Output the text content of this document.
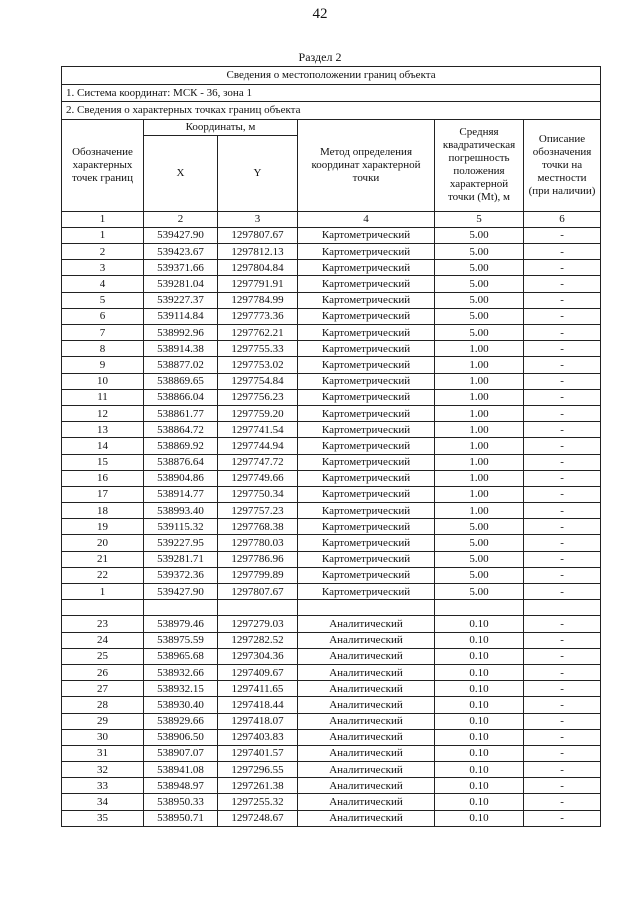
42
Раздел 2
Сведения о местоположении границ объекта					
1. Система координат: МСК - 36, зона 1					
2. Сведения о характерных точках границ объекта					
Обозначение характерных точек границ	Координаты, м		Метод определения координат характерной точки	Средняя квадратическая погрешность положения характерной точки (Mt), м	Описание обозначения точки на местности (при наличии)
	X	Y			
1	2	3	4	5	6
1	539427.90	1297807.67	Картометрический	5.00	-
2	539423.67	1297812.13	Картометрический	5.00	-
3	539371.66	1297804.84	Картометрический	5.00	-
4	539281.04	1297791.91	Картометрический	5.00	-
5	539227.37	1297784.99	Картометрический	5.00	-
6	539114.84	1297773.36	Картометрический	5.00	-
7	538992.96	1297762.21	Картометрический	5.00	-
8	538914.38	1297755.33	Картометрический	1.00	-
9	538877.02	1297753.02	Картометрический	1.00	-
10	538869.65	1297754.84	Картометрический	1.00	-
11	538866.04	1297756.23	Картометрический	1.00	-
12	538861.77	1297759.20	Картометрический	1.00	-
13	538864.72	1297741.54	Картометрический	1.00	-
14	538869.92	1297744.94	Картометрический	1.00	-
15	538876.64	1297747.72	Картометрический	1.00	-
16	538904.86	1297749.66	Картометрический	1.00	-
17	538914.77	1297750.34	Картометрический	1.00	-
18	538993.40	1297757.23	Картометрический	1.00	-
19	539115.32	1297768.38	Картометрический	5.00	-
20	539227.95	1297780.03	Картометрический	5.00	-
21	539281.71	1297786.96	Картометрический	5.00	-
22	539372.36	1297799.89	Картометрический	5.00	-
1	539427.90	1297807.67	Картометрический	5.00	-

23	538979.46	1297279.03	Аналитический	0.10	-
24	538975.59	1297282.52	Аналитический	0.10	-
25	538965.68	1297304.36	Аналитический	0.10	-
26	538932.66	1297409.67	Аналитический	0.10	-
27	538932.15	1297411.65	Аналитический	0.10	-
28	538930.40	1297418.44	Аналитический	0.10	-
29	538929.66	1297418.07	Аналитический	0.10	-
30	538906.50	1297403.83	Аналитический	0.10	-
31	538907.07	1297401.57	Аналитический	0.10	-
32	538941.08	1297296.55	Аналитический	0.10	-
33	538948.97	1297261.38	Аналитический	0.10	-
34	538950.33	1297255.32	Аналитический	0.10	-
35	538950.71	1297248.67	Аналитический	0.10	-
